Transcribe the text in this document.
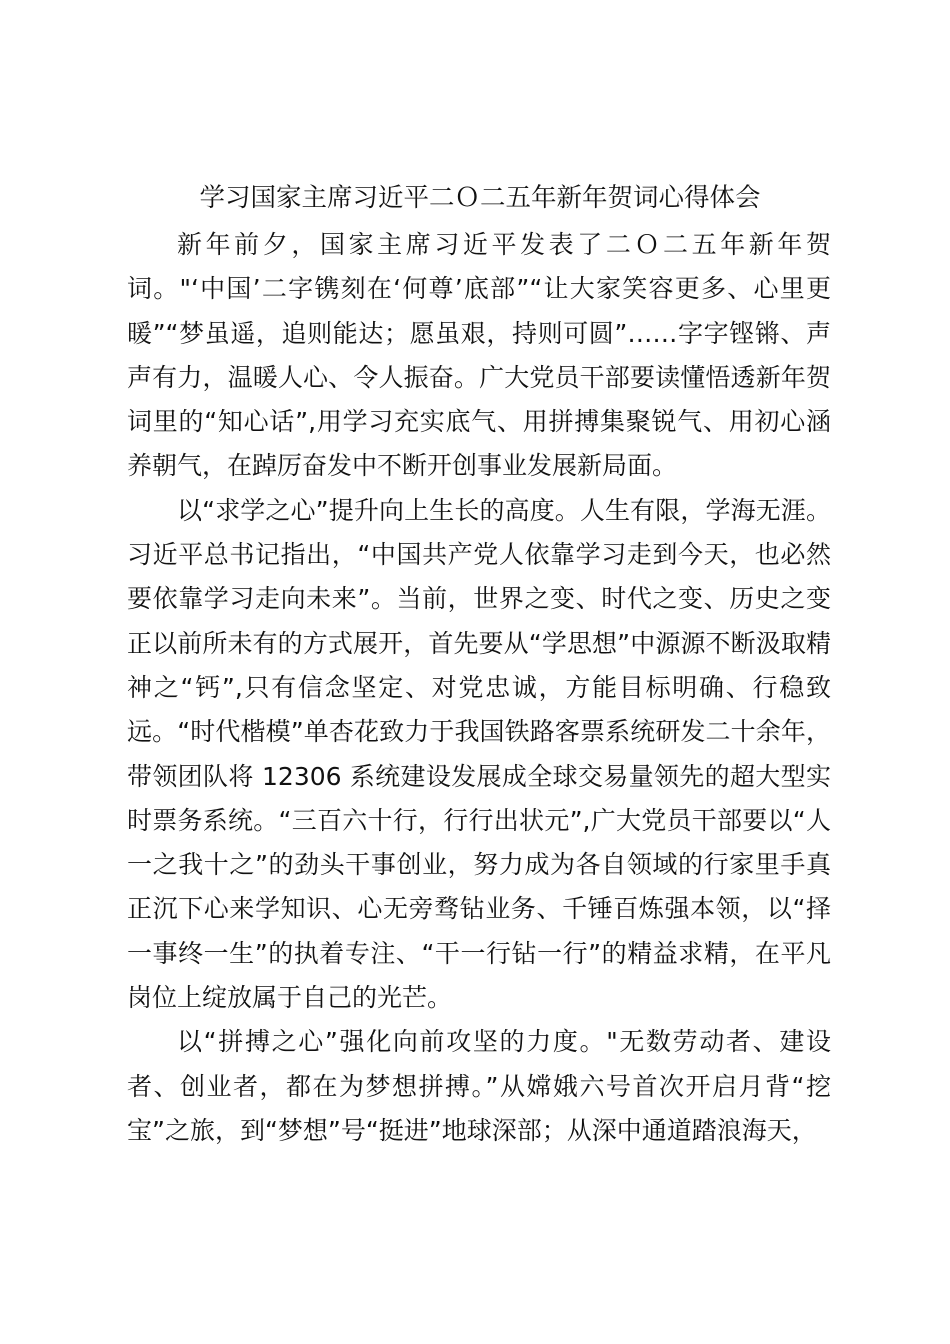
学习国家主席习近平二Ｏ二五年新年贺词心得体会

新年前夕，国家主席习近平发表了二Ｏ二五年新年贺词。"‘中国’二字镌刻在‘何尊’底部”“让大家笑容更多、心里更暖”“梦虽遥，追则能达；愿虽艰，持则可圆”……字字铿锵、声声有力，温暖人心、令人振奋。广大党员干部要读懂悟透新年贺词里的“知心话”,用学习充实底气、用拼搏集聚锐气、用初心涵养朝气，在踔厉奋发中不断开创事业发展新局面。

以“求学之心”提升向上生长的高度。人生有限，学海无涯。习近平总书记指出，“中国共产党人依靠学习走到今天，也必然要依靠学习走向未来”。当前，世界之变、时代之变、历史之变正以前所未有的方式展开，首先要从“学思想”中源源不断汲取精神之“钙”,只有信念坚定、对党忠诚，方能目标明确、行稳致远。“时代楷模”单杏花致力于我国铁路客票系统研发二十余年，带领团队将 12306 系统建设发展成全球交易量领先的超大型实时票务系统。“三百六十行，行行出状元”,广大党员干部要以“人一之我十之”的劲头干事创业，努力成为各自领域的行家里手真正沉下心来学知识、心无旁骛钻业务、千锤百炼强本领，以“择一事终一生”的执着专注、“干一行钻一行”的精益求精，在平凡岗位上绽放属于自己的光芒。

以“拼搏之心”强化向前攻坚的力度。"无数劳动者、建设者、创业者，都在为梦想拼搏。”从嫦娥六号首次开启月背“挖宝”之旅，到“梦想”号“挺进”地球深部；从深中通道踏浪海天，
